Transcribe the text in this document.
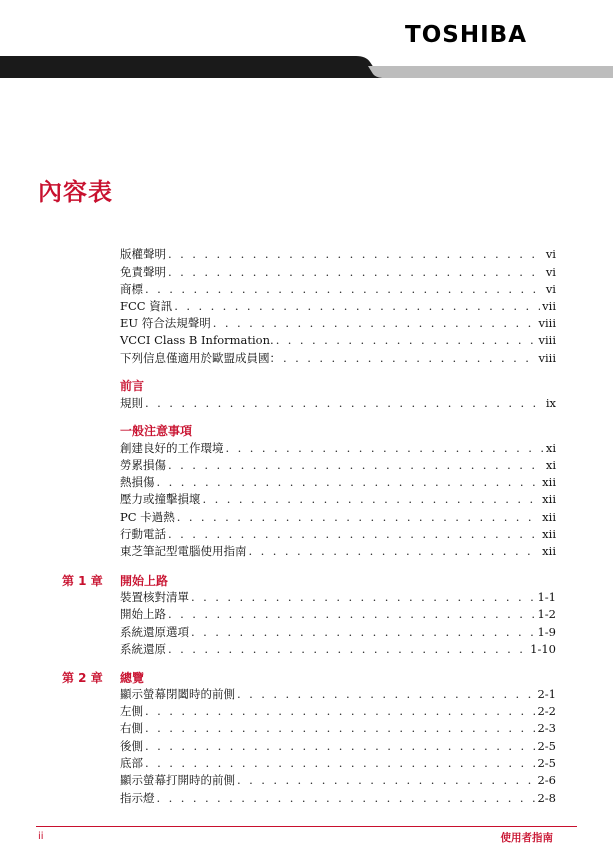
TOSHIBA
內容表
版權聲明 . . .	vi
免責聲明 . . .	vi
商標 . . .	vi
FCC 資訊 . . .	vii
EU 符合法規聲明 . . .	viii
VCCI Class B Information. . . .	viii
下列信息僅適用於歐盟成員國： . . .	viii
前言
規則 . . .	ix
一般注意事項
創建良好的工作環境 . . .	xi
勞累損傷 . . .	xi
熱損傷 . . .	xii
壓力或撞擊損壞 . . .	xii
PC 卡過熱 . . .	xii
行動電話 . . .	xii
東芝筆記型電腦使用指南 . . .	xii
第 1 章 開始上路
裝置核對清單 . . .	1-1
開始上路 . . .	1-2
系統還原選項 . . .	1-9
系統還原 . . .	1-10
第 2 章 總覽
顯示螢幕閉闔時的前側 . . .	2-1
左側 . . .	2-2
右側 . . .	2-3
後側 . . .	2-5
底部 . . .	2-5
顯示螢幕打開時的前側 . . .	2-6
指示燈 . . .	2-8
ii	使用者指南
